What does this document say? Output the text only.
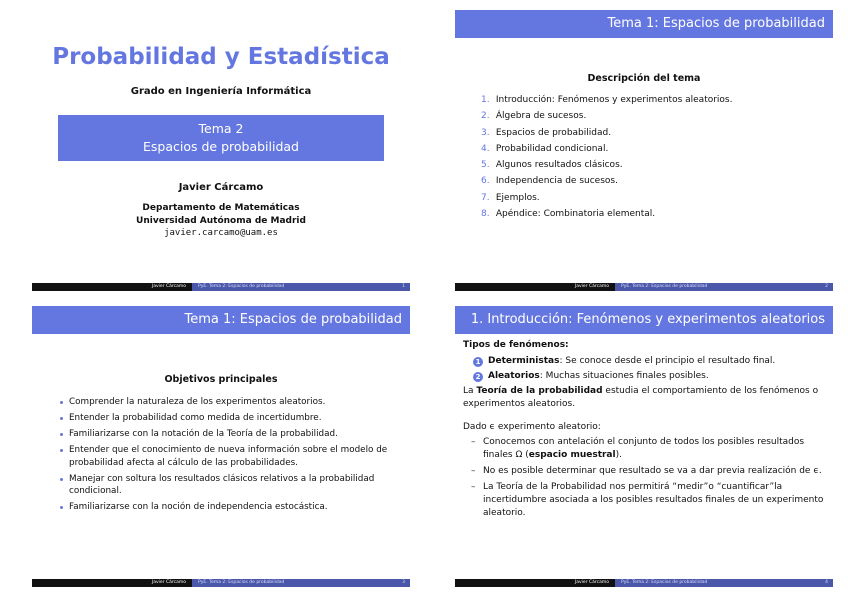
Probabilidad y Estadística
Grado en Ingeniería Informática
Tema 2
Espacios de probabilidad
Javier Cárcamo
Departamento de Matemáticas
Universidad Autónoma de Madrid
javier.carcamo@uam.es
Javier Cárcamo	PyE. Tema 2: Espacios de probabilidad	1
Tema 1: Espacios de probabilidad
Descripción del tema
1. Introducción: Fenómenos y experimentos aleatorios.
2. Álgebra de sucesos.
3. Espacios de probabilidad.
4. Probabilidad condicional.
5. Algunos resultados clásicos.
6. Independencia de sucesos.
7. Ejemplos.
8. Apéndice: Combinatoria elemental.
Javier Cárcamo	PyE. Tema 2: Espacios de probabilidad	2
Tema 1: Espacios de probabilidad
Objetivos principales
Comprender la naturaleza de los experimentos aleatorios.
Entender la probabilidad como medida de incertidumbre.
Familiarizarse con la notación de la Teoría de la probabilidad.
Entender que el conocimiento de nueva información sobre el modelo de probabilidad afecta al cálculo de las probabilidades.
Manejar con soltura los resultados clásicos relativos a la probabilidad condicional.
Familiarizarse con la noción de independencia estocástica.
Javier Cárcamo	PyE. Tema 2: Espacios de probabilidad	3
1. Introducción: Fenómenos y experimentos aleatorios
Tipos de fenómenos:
1 Deterministas: Se conoce desde el principio el resultado final.
2 Aleatorios: Muchas situaciones finales posibles.
La Teoría de la probabilidad estudia el comportamiento de los fenómenos o experimentos aleatorios.
Dado ϵ experimento aleatorio:
– Conocemos con antelación el conjunto de todos los posibles resultados finales Ω (espacio muestral).
– No es posible determinar que resultado se va a dar previa realización de ϵ.
– La Teoría de la Probabilidad nos permitirá “medir”o “cuantificar”la incertidumbre asociada a los posibles resultados finales de un experimento aleatorio.
Javier Cárcamo	PyE. Tema 2: Espacios de probabilidad	4
